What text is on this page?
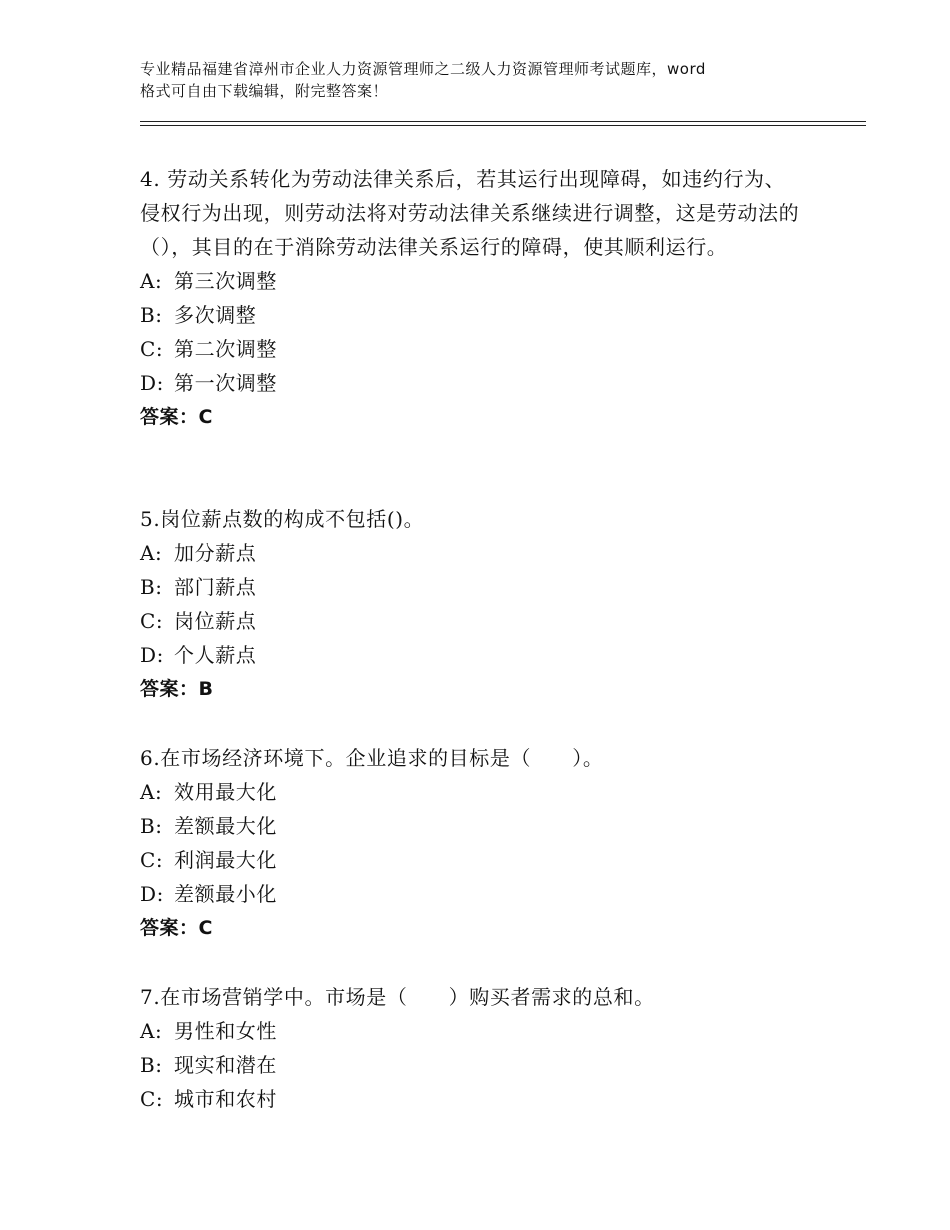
专业精品福建省漳州市企业人力资源管理师之二级人力资源管理师考试题库，word
格式可自由下载编辑，附完整答案！

4. 劳动关系转化为劳动法律关系后，若其运行出现障碍，如违约行为、侵权行为出现，则劳动法将对劳动法律关系继续进行调整，这是劳动法的（），其目的在于消除劳动法律关系运行的障碍，使其顺利运行。

A: 第三次调整
B: 多次调整
C: 第二次调整
D: 第一次调整
答案：C

5.岗位薪点数的构成不包括()。

A: 加分薪点
B: 部门薪点
C: 岗位薪点
D: 个人薪点
答案：B

6.在市场经济环境下。企业追求的目标是（　　）。

A: 效用最大化
B: 差额最大化
C: 利润最大化
D: 差额最小化
答案：C

7.在市场营销学中。市场是（　　）购买者需求的总和。

A: 男性和女性
B: 现实和潜在
C: 城市和农村
